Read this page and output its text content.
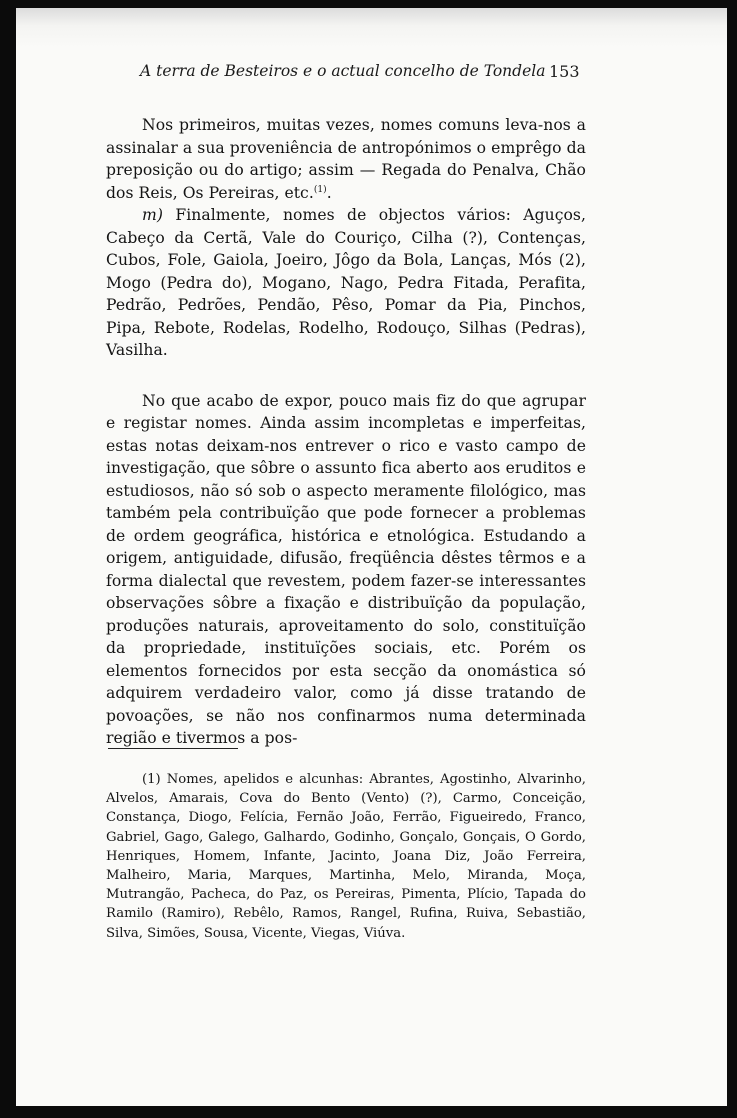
A terra de Besteiros e o actual concelho de Tondela 153

Nos primeiros, muitas vezes, nomes comuns leva-nos a assinalar a sua proveniência de antropónimos o emprêgo da preposição ou do artigo; assim — Regada do Penalva, Chão dos Reis, Os Pereiras, etc.$^{(1)}$.

m) Finalmente, nomes de objectos vários: Aguços, Cabeço da Certã, Vale do Couriço, Cilha (?), Contenças, Cubos, Fole, Gaiola, Joeiro, Jôgo da Bola, Lanças, Mós (2), Mogo (Pedra do), Mogano, Nago, Pedra Fitada, Perafita, Pedrão, Pedrões, Pendão, Pêso, Pomar da Pia, Pinchos, Pipa, Rebote, Rodelas, Rodelho, Rodouço, Silhas (Pedras), Vasilha.

No que acabo de expor, pouco mais fiz do que agrupar e registar nomes. Ainda assim incompletas e imperfeitas, estas notas deixam-nos entrever o rico e vasto campo de investigação, que sôbre o assunto fica aberto aos eruditos e estudiosos, não só sob o aspecto meramente filológico, mas também pela contribuïção que pode fornecer a problemas de ordem geográfica, histórica e etnológica. Estudando a origem, antiguidade, difusão, freqüência dêstes têrmos e a forma dialectal que revestem, podem fazer-se interessantes observações sôbre a fixação e distribuïção da população, produções naturais, aproveitamento do solo, constituïção da propriedade, instituïções sociais, etc. Porém os elementos fornecidos por esta secção da onomástica só adquirem verdadeiro valor, como já disse tratando de povoações, se não nos confinarmos numa determinada região e tivermos a pos-

(1) Nomes, apelidos e alcunhas: Abrantes, Agostinho, Alvarinho, Alvelos, Amarais, Cova do Bento (Vento) (?), Carmo, Conceição, Constança, Diogo, Felícia, Fernão João, Ferrão, Figueiredo, Franco, Gabriel, Gago, Galego, Galhardo, Godinho, Gonçalo, Gonçais, O Gordo, Henriques, Homem, Infante, Jacinto, Joana Diz, João Ferreira, Malheiro, Maria, Marques, Martinha, Melo, Miranda, Moça, Mutrangão, Pacheca, do Paz, os Pereiras, Pimenta, Plício, Tapada do Ramilo (Ramiro), Rebêlo, Ramos, Rangel, Rufina, Ruiva, Sebastião, Silva, Simões, Sousa, Vicente, Viegas, Viúva.
